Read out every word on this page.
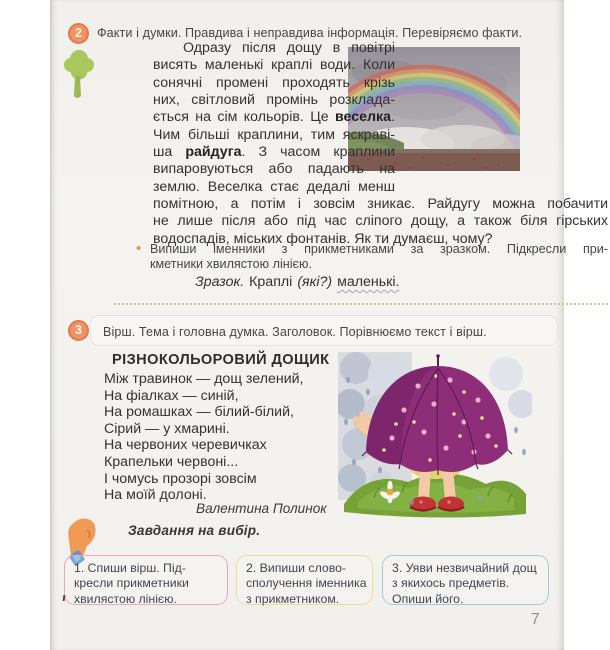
2	Факти і думки. Правдива і неправдива інформація. Перевіряємо факти.
Одразу після дощу в повітрі
висять маленькі краплі води. Коли
сонячні промені проходять крізь
них, світловий промінь розклада-
ється на сім кольорів. Це веселка.
Чим більші краплини, тим яскраві-
ша райдуга. З часом краплини
випаровуються або падають на
землю. Веселка стає дедалі менш
помітною, а потім і зовсім зникає. Райдугу можна побачити
не лише після або під час сліпого дощу, а також біля гірських
водоспадів, міських фонтанів. Як ти думаєш, чому?
• Випиши іменники з прикметниками за зразком. Підкресли при-
кметники хвилястою лінією.
Зразок. Краплі (які?) маленькі.
3	Вірш. Тема і головна думка. Заголовок. Порівнюємо текст і вірш.
РІЗНОКОЛЬОРОВИЙ ДОЩИК
Між травинок — дощ зелений,
На фіалках — синій,
На ромашках — білий-білий,
Сірий — у хмарині.
На червоних черевичках
Крапельки червоні...
І чомусь прозорі зовсім
На моїй долоні.
Валентина Полинок
Завдання на вибір.
1. Спиши вірш. Під-
кресли прикметники
хвилястою лінією.
2. Випиши слово-
сполучення іменника
з прикметником.
3. Уяви незвичайний дощ
з якихось предметів.
Опиши його.
7
